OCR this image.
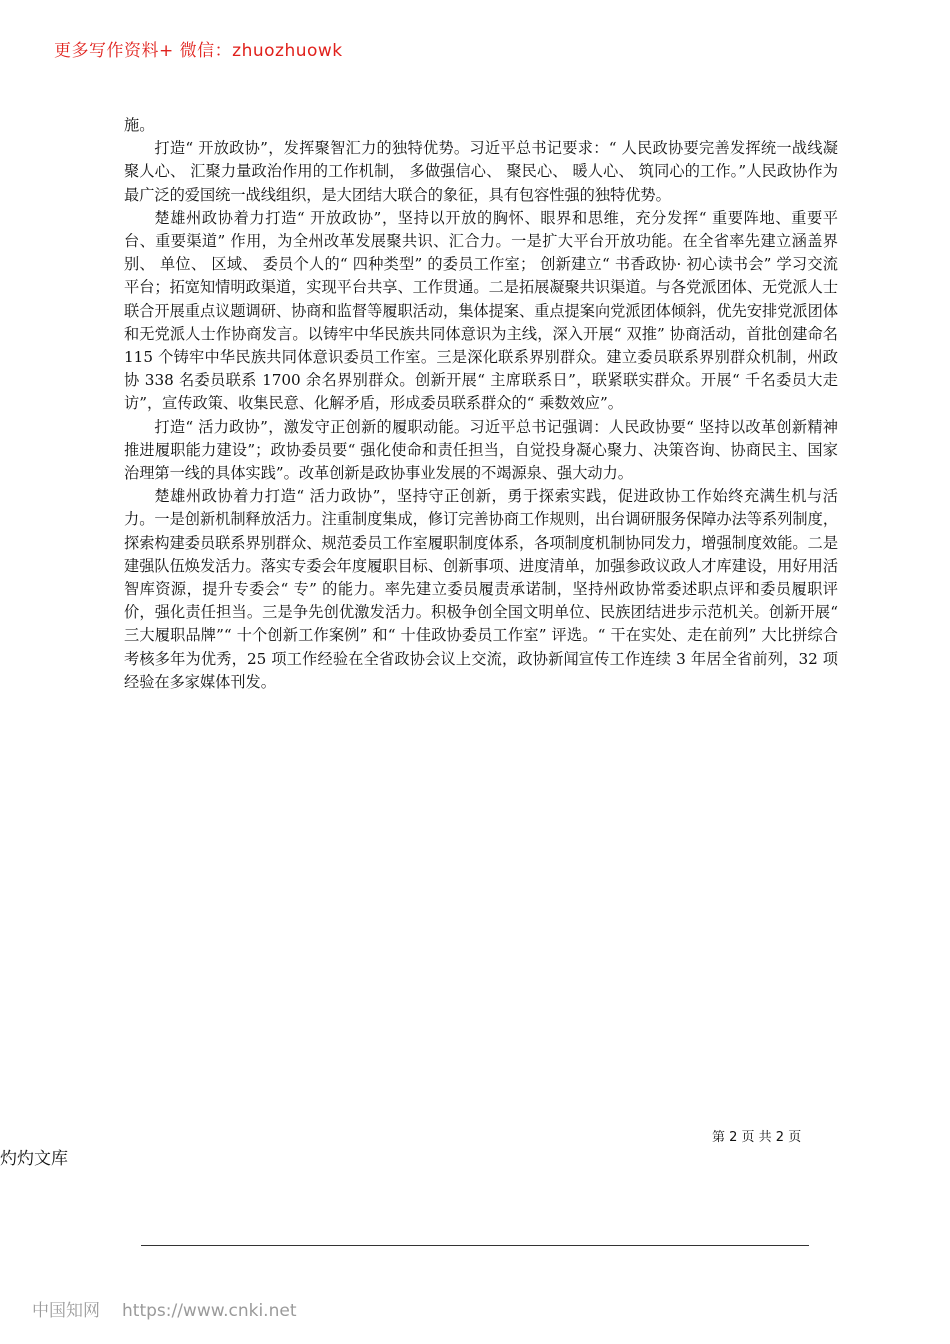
更多写作资料+ 微信：zhuozhuowk

施。

打造“ 开放政协”，发挥聚智汇力的独特优势。习近平总书记要求：“ 人民政协要完善发挥统一战线凝聚人心、 汇聚力量政治作用的工作机制， 多做强信心、 聚民心、 暖人心、 筑同心的工作。”人民政协作为最广泛的爱国统一战线组织，是大团结大联合的象征，具有包容性强的独特优势。

楚雄州政协着力打造“ 开放政协”，坚持以开放的胸怀、眼界和思维，充分发挥“ 重要阵地、重要平台、重要渠道” 作用，为全州改革发展聚共识、汇合力。一是扩大平台开放功能。在全省率先建立涵盖界别、 单位、 区域、 委员个人的“ 四种类型” 的委员工作室； 创新建立“ 书香政协· 初心读书会” 学习交流平台；拓宽知情明政渠道，实现平台共享、工作贯通。二是拓展凝聚共识渠道。与各党派团体、无党派人士联合开展重点议题调研、协商和监督等履职活动，集体提案、重点提案向党派团体倾斜，优先安排党派团体和无党派人士作协商发言。以铸牢中华民族共同体意识为主线，深入开展“ 双推” 协商活动，首批创建命名 115 个铸牢中华民族共同体意识委员工作室。三是深化联系界别群众。建立委员联系界别群众机制，州政协 338 名委员联系 1700 余名界别群众。创新开展“ 主席联系日”，联紧联实群众。开展“ 千名委员大走访”，宣传政策、收集民意、化解矛盾，形成委员联系群众的“ 乘数效应”。

打造“ 活力政协”，激发守正创新的履职动能。习近平总书记强调：人民政协要“ 坚持以改革创新精神推进履职能力建设”；政协委员要“ 强化使命和责任担当，自觉投身凝心聚力、决策咨询、协商民主、国家治理第一线的具体实践”。改革创新是政协事业发展的不竭源泉、强大动力。

楚雄州政协着力打造“ 活力政协”，坚持守正创新，勇于探索实践，促进政协工作始终充满生机与活力。一是创新机制释放活力。注重制度集成，修订完善协商工作规则，出台调研服务保障办法等系列制度，探索构建委员联系界别群众、规范委员工作室履职制度体系，各项制度机制协同发力，增强制度效能。二是建强队伍焕发活力。落实专委会年度履职目标、创新事项、进度清单，加强参政议政人才库建设，用好用活智库资源，提升专委会“ 专” 的能力。率先建立委员履责承诺制，坚持州政协常委述职点评和委员履职评价，强化责任担当。三是争先创优激发活力。积极争创全国文明单位、民族团结进步示范机关。创新开展“ 三大履职品牌”“ 十个创新工作案例” 和“ 十佳政协委员工作室” 评选。“ 干在实处、走在前列” 大比拼综合考核多年为优秀，25 项工作经验在全省政协会议上交流，政协新闻宣传工作连续 3 年居全省前列，32 项经验在多家媒体刊发。

第 2 页 共 2 页
灼灼文库
中国知网 https://www.cnki.net
